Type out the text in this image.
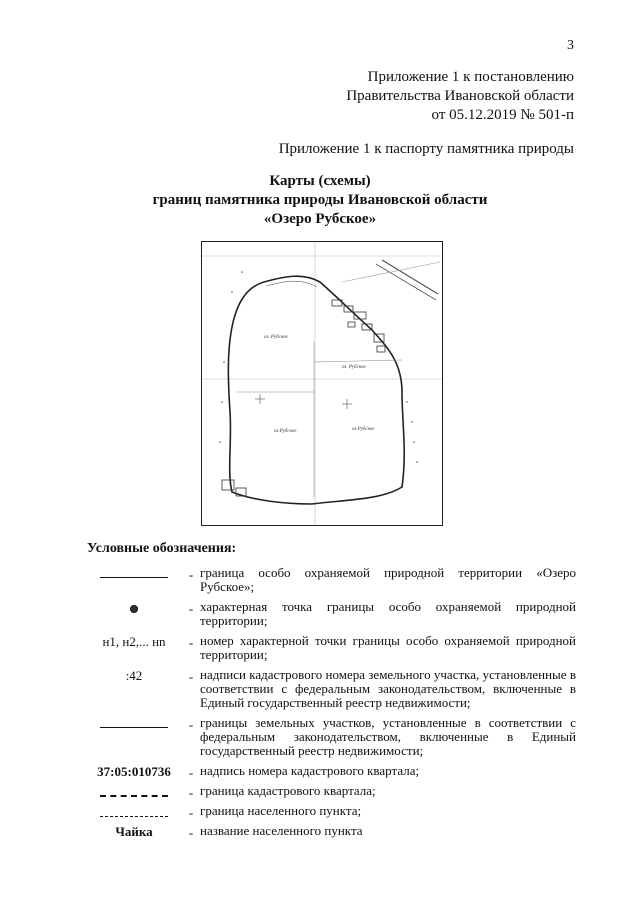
3
Приложение 1 к постановлению
Правительства Ивановской области
от 05.12.2019 № 501-п
Приложение 1 к паспорту памятника природы
Карты (схемы)
границ памятника природы Ивановской области
«Озеро Рубское»
оз. Рубское
оз. Рубское
оз.Рубское	оз.Рубское
Условные обозначения:
- граница особо охраняемой природной территории «Озеро Рубское»;
- характерная точка границы особо охраняемой природной территории;
н1, н2,... нn	- номер характерной точки границы особо охраняемой природной территории;
:42	- надписи кадастрового номера земельного участка, установленные в соответствии с федеральным законодательством, включенные в Единый государственный реестр недвижимости;
- границы земельных участков, установленные в соответствии с федеральным законодательством, включенные в Единый государственный реестр недвижимости;
37:05:010736	- надпись номера кадастрового квартала;
- граница кадастрового квартала;
- граница населенного пункта;
Чайка	- название населенного пункта
